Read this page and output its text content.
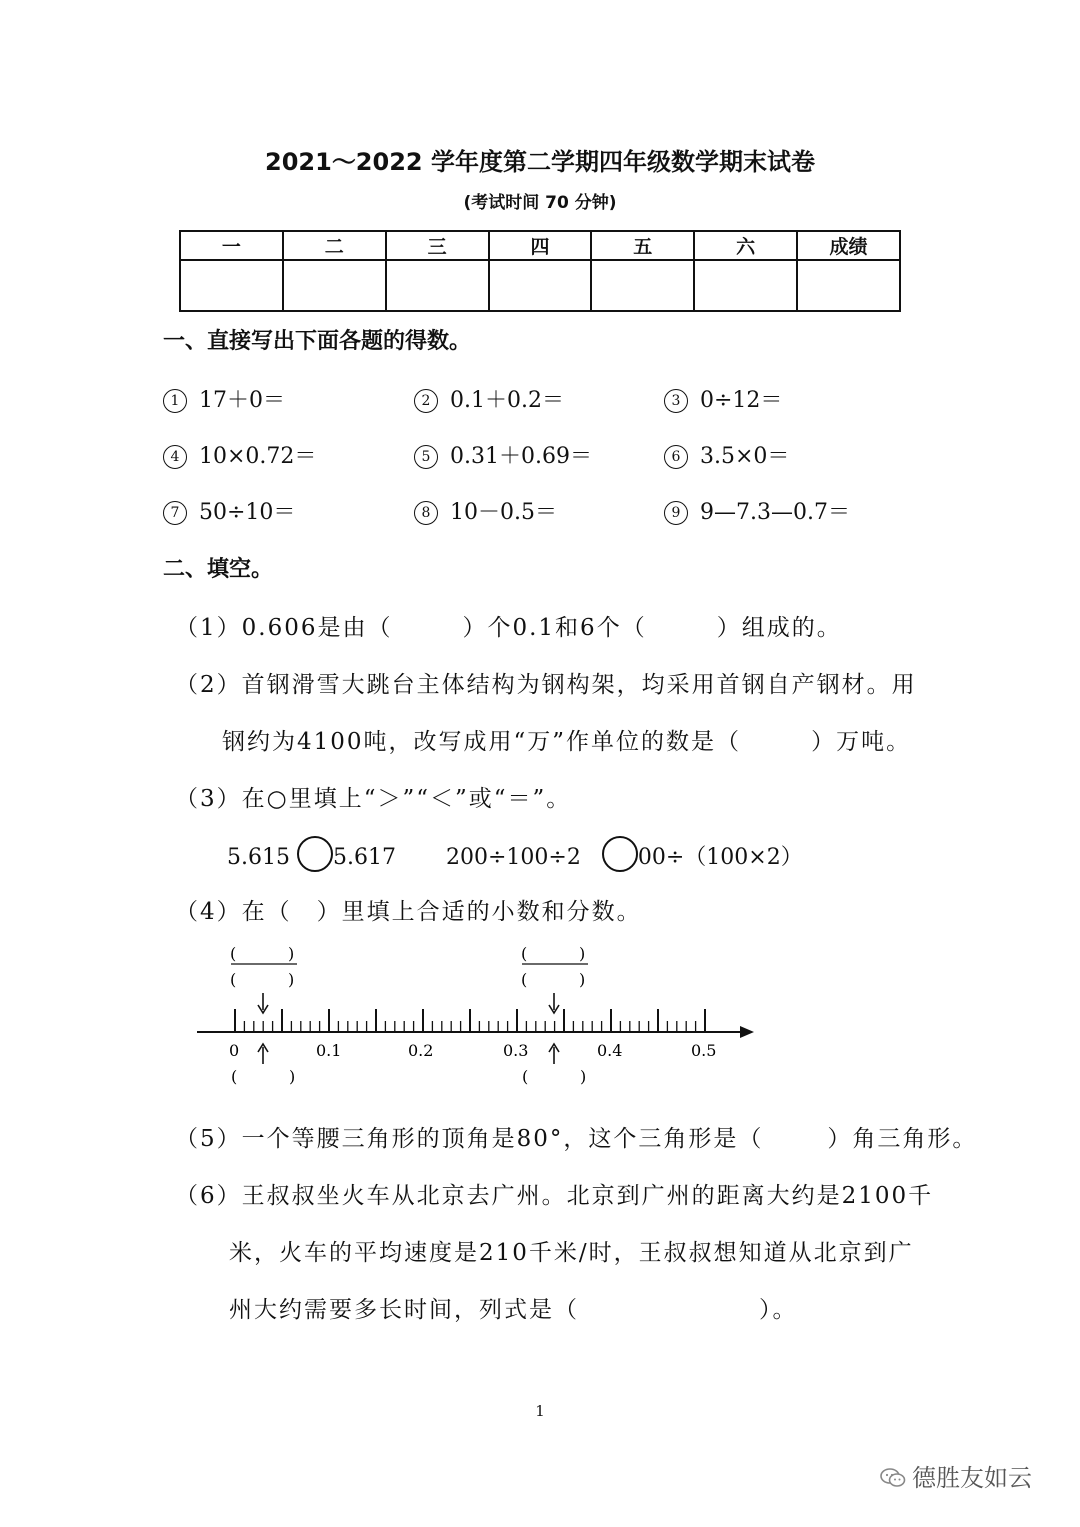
2021～2022 学年度第二学期四年级数学期末试卷
(考试时间 70 分钟)
一	二	三	四	五	六	成绩

一、直接写出下面各题的得数。
1 17＋0＝	2 0.1＋0.2＝	3 0÷12＝
4 10×0.72＝	5 0.31＋0.69＝	6 3.5×0＝
7 50÷10＝	8 10－0.5＝	9 9—7.3—0.7＝
二、填空。
（1）0.606是由（	）个0.1和6个（	）组成的。
（2）首钢滑雪大跳台主体结构为钢构架，均采用首钢自产钢材。用
钢约为4100吨，改写成用“万”作单位的数是（	）万吨。
（3）在○里填上“＞”“＜”或“＝”。
5.615 5.617 200÷100÷2	00÷（100×2）
（4）在（　）里填上合适的小数和分数。
(	)
(	)
(	)
(	)
0	0.1	0.2	0.3	0.4	0.5
(	)	(	)
（5）一个等腰三角形的顶角是80°，这个三角形是（	）角三角形。
（6）王叔叔坐火车从北京去广州。北京到广州的距离大约是2100千
米，火车的平均速度是210千米/时，王叔叔想知道从北京到广
州大约需要多长时间，列式是（	）。
1
德胜友如云
